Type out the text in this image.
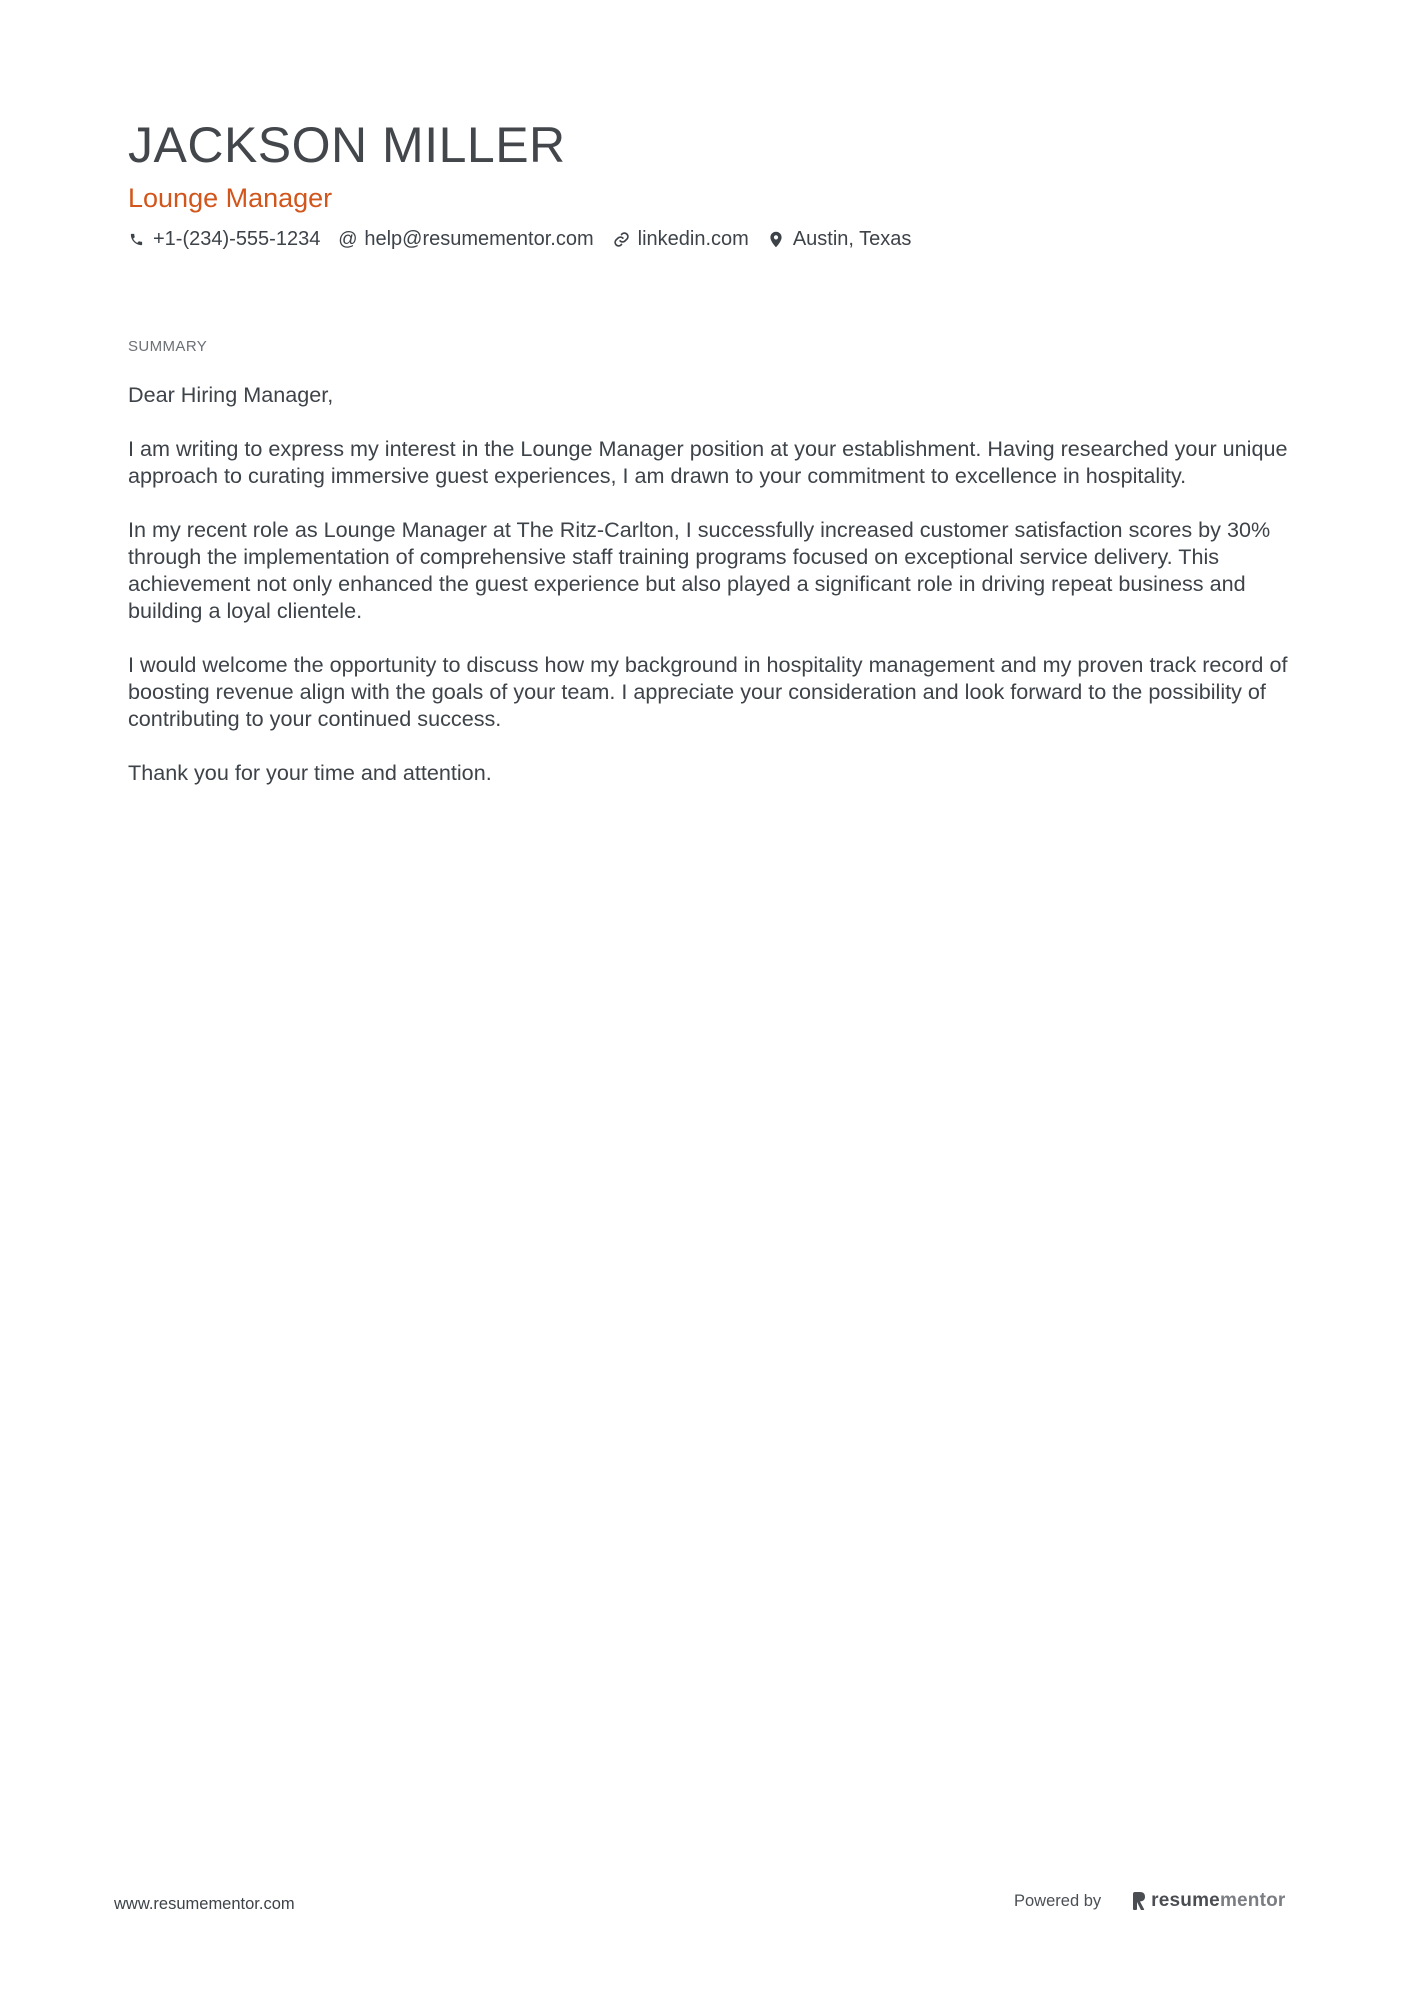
JACKSON MILLER
Lounge Manager
+1-(234)-555-1234 @ help@resumementor.com linkedin.com Austin, Texas
SUMMARY

Dear Hiring Manager,

I am writing to express my interest in the Lounge Manager position at your establishment. Having researched your unique approach to curating immersive guest experiences, I am drawn to your commitment to excellence in hospitality.

In my recent role as Lounge Manager at The Ritz-Carlton, I successfully increased customer satisfaction scores by 30% through the implementation of comprehensive staff training programs focused on exceptional service delivery. This achievement not only enhanced the guest experience but also played a significant role in driving repeat business and building a loyal clientele.

I would welcome the opportunity to discuss how my background in hospitality management and my proven track record of boosting revenue align with the goals of your team. I appreciate your consideration and look forward to the possibility of contributing to your continued success.

Thank you for your time and attention.

www.resumementor.com	Powered by	resume mentor
